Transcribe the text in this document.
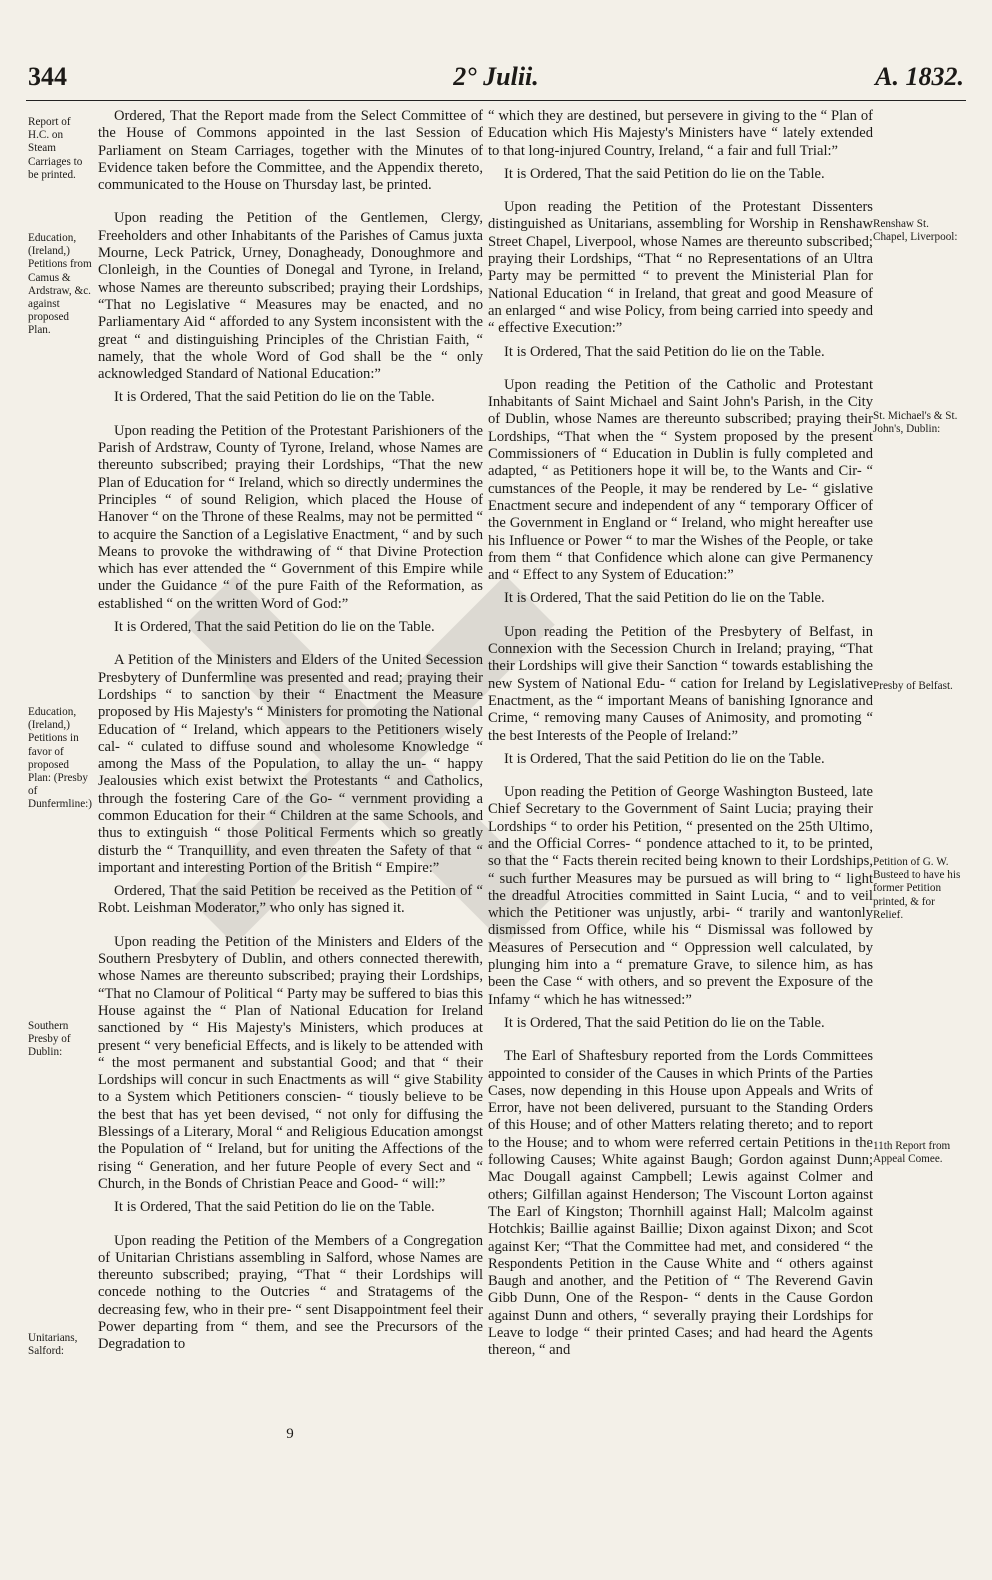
344	2° Julii.	A. 1832.
Report of H.C. on Steam Carriages to be printed.
Education, (Ireland,) Petitions from Camus & Ardstraw, &c. against proposed Plan.
Education, (Ireland,) Petitions in favor of proposed Plan: (Presby of Dunfermline:)
Southern Presby of Dublin:
Unitarians, Salford:
Renshaw St. Chapel, Liverpool:
St. Michael's & St. John's, Dublin:
Presby of Belfast.
Petition of G. W. Busteed to have his former Petition printed, & for Relief.
11th Report from Appeal Comee.

Ordered, That the Report made from the Select Committee of the House of Commons appointed in the last Session of Parliament on Steam Carriages, together with the Minutes of Evidence taken before the Committee, and the Appendix thereto, communicated to the House on Thursday last, be printed.

Upon reading the Petition of the Gentlemen, Clergy, Freeholders and other Inhabitants of the Parishes of Camus juxta Mourne, Leck Patrick, Urney, Donagheady, Donoughmore and Clonleigh, in the Counties of Donegal and Tyrone, in Ireland, whose Names are thereunto subscribed; praying their Lordships, “That no Legislative “ Measures may be enacted, and no Parliamentary Aid “ afforded to any System inconsistent with the great “ and distinguishing Principles of the Christian Faith, “ namely, that the whole Word of God shall be the “ only acknowledged Standard of National Education:”

It is Ordered, That the said Petition do lie on the Table.

Upon reading the Petition of the Protestant Parishioners of the Parish of Ardstraw, County of Tyrone, Ireland, whose Names are thereunto subscribed; praying their Lordships, “That the new Plan of Education for “ Ireland, which so directly undermines the Principles “ of sound Religion, which placed the House of Hanover “ on the Throne of these Realms, may not be permitted “ to acquire the Sanction of a Legislative Enactment, “ and by such Means to provoke the withdrawing of “ that Divine Protection which has ever attended the “ Government of this Empire while under the Guidance “ of the pure Faith of the Reformation, as established “ on the written Word of God:”

It is Ordered, That the said Petition do lie on the Table.

A Petition of the Ministers and Elders of the United Secession Presbytery of Dunfermline was presented and read; praying their Lordships “ to sanction by their “ Enactment the Measure proposed by His Majesty's “ Ministers for promoting the National Education of “ Ireland, which appears to the Petitioners wisely cal- “ culated to diffuse sound and wholesome Knowledge “ among the Mass of the Population, to allay the un- “ happy Jealousies which exist betwixt the Protestants “ and Catholics, through the fostering Care of the Go- “ vernment providing a common Education for their “ Children at the same Schools, and thus to extinguish “ those Political Ferments which so greatly disturb the “ Tranquillity, and even threaten the Safety of that “ important and interesting Portion of the British “ Empire:”

Ordered, That the said Petition be received as the Petition of “ Robt. Leishman Moderator,” who only has signed it.

Upon reading the Petition of the Ministers and Elders of the Southern Presbytery of Dublin, and others connected therewith, whose Names are thereunto subscribed; praying their Lordships, “That no Clamour of Political “ Party may be suffered to bias this House against the “ Plan of National Education for Ireland sanctioned by “ His Majesty's Ministers, which produces at present “ very beneficial Effects, and is likely to be attended with “ the most permanent and substantial Good; and that “ their Lordships will concur in such Enactments as will “ give Stability to a System which Petitioners conscien- “ tiously believe to be the best that has yet been devised, “ not only for diffusing the Blessings of a Literary, Moral “ and Religious Education amongst the Population of “ Ireland, but for uniting the Affections of the rising “ Generation, and her future People of every Sect and “ Church, in the Bonds of Christian Peace and Good- “ will:”

It is Ordered, That the said Petition do lie on the Table.

Upon reading the Petition of the Members of a Congregation of Unitarian Christians assembling in Salford, whose Names are thereunto subscribed; praying, “That “ their Lordships will concede nothing to the Outcries “ and Stratagems of the decreasing few, who in their pre- “ sent Disappointment feel their Power departing from “ them, and see the Precursors of the Degradation to

“ which they are destined, but persevere in giving to the “ Plan of Education which His Majesty's Ministers have “ lately extended to that long-injured Country, Ireland, “ a fair and full Trial:”

It is Ordered, That the said Petition do lie on the Table.

Upon reading the Petition of the Protestant Dissenters distinguished as Unitarians, assembling for Worship in Renshaw Street Chapel, Liverpool, whose Names are thereunto subscribed; praying their Lordships, “That “ no Representations of an Ultra Party may be permitted “ to prevent the Ministerial Plan for National Education “ in Ireland, that great and good Measure of an enlarged “ and wise Policy, from being carried into speedy and “ effective Execution:”

It is Ordered, That the said Petition do lie on the Table.

Upon reading the Petition of the Catholic and Protestant Inhabitants of Saint Michael and Saint John's Parish, in the City of Dublin, whose Names are thereunto subscribed; praying their Lordships, “That when the “ System proposed by the present Commissioners of “ Education in Dublin is fully completed and adapted, “ as Petitioners hope it will be, to the Wants and Cir- “ cumstances of the People, it may be rendered by Le- “ gislative Enactment secure and independent of any “ temporary Officer of the Government in England or “ Ireland, who might hereafter use his Influence or Power “ to mar the Wishes of the People, or take from them “ that Confidence which alone can give Permanency and “ Effect to any System of Education:”

It is Ordered, That the said Petition do lie on the Table.

Upon reading the Petition of the Presbytery of Belfast, in Connexion with the Secession Church in Ireland; praying, “That their Lordships will give their Sanction “ towards establishing the new System of National Edu- “ cation for Ireland by Legislative Enactment, as the “ important Means of banishing Ignorance and Crime, “ removing many Causes of Animosity, and promoting “ the best Interests of the People of Ireland:”

It is Ordered, That the said Petition do lie on the Table.

Upon reading the Petition of George Washington Busteed, late Chief Secretary to the Government of Saint Lucia; praying their Lordships “ to order his Petition, “ presented on the 25th Ultimo, and the Official Corres- “ pondence attached to it, to be printed, so that the “ Facts therein recited being known to their Lordships, “ such further Measures may be pursued as will bring to “ light the dreadful Atrocities committed in Saint Lucia, “ and to veil which the Petitioner was unjustly, arbi- “ trarily and wantonly dismissed from Office, while his “ Dismissal was followed by Measures of Persecution and “ Oppression well calculated, by plunging him into a “ premature Grave, to silence him, as has been the Case “ with others, and so prevent the Exposure of the Infamy “ which he has witnessed:”

It is Ordered, That the said Petition do lie on the Table.

The Earl of Shaftesbury reported from the Lords Committees appointed to consider of the Causes in which Prints of the Parties Cases, now depending in this House upon Appeals and Writs of Error, have not been delivered, pursuant to the Standing Orders of this House; and of other Matters relating thereto; and to report to the House; and to whom were referred certain Petitions in the following Causes; White against Baugh; Gordon against Dunn; Mac Dougall against Campbell; Lewis against Colmer and others; Gilfillan against Henderson; The Viscount Lorton against The Earl of Kingston; Thornhill against Hall; Malcolm against Hotchkis; Baillie against Baillie; Dixon against Dixon; and Scot against Ker; “That the Committee had met, and considered “ the Respondents Petition in the Cause White and “ others against Baugh and another, and the Petition of “ The Reverend Gavin Gibb Dunn, One of the Respon- “ dents in the Cause Gordon against Dunn and others, “ severally praying their Lordships for Leave to lodge “ their printed Cases; and had heard the Agents thereon, “ and

9
